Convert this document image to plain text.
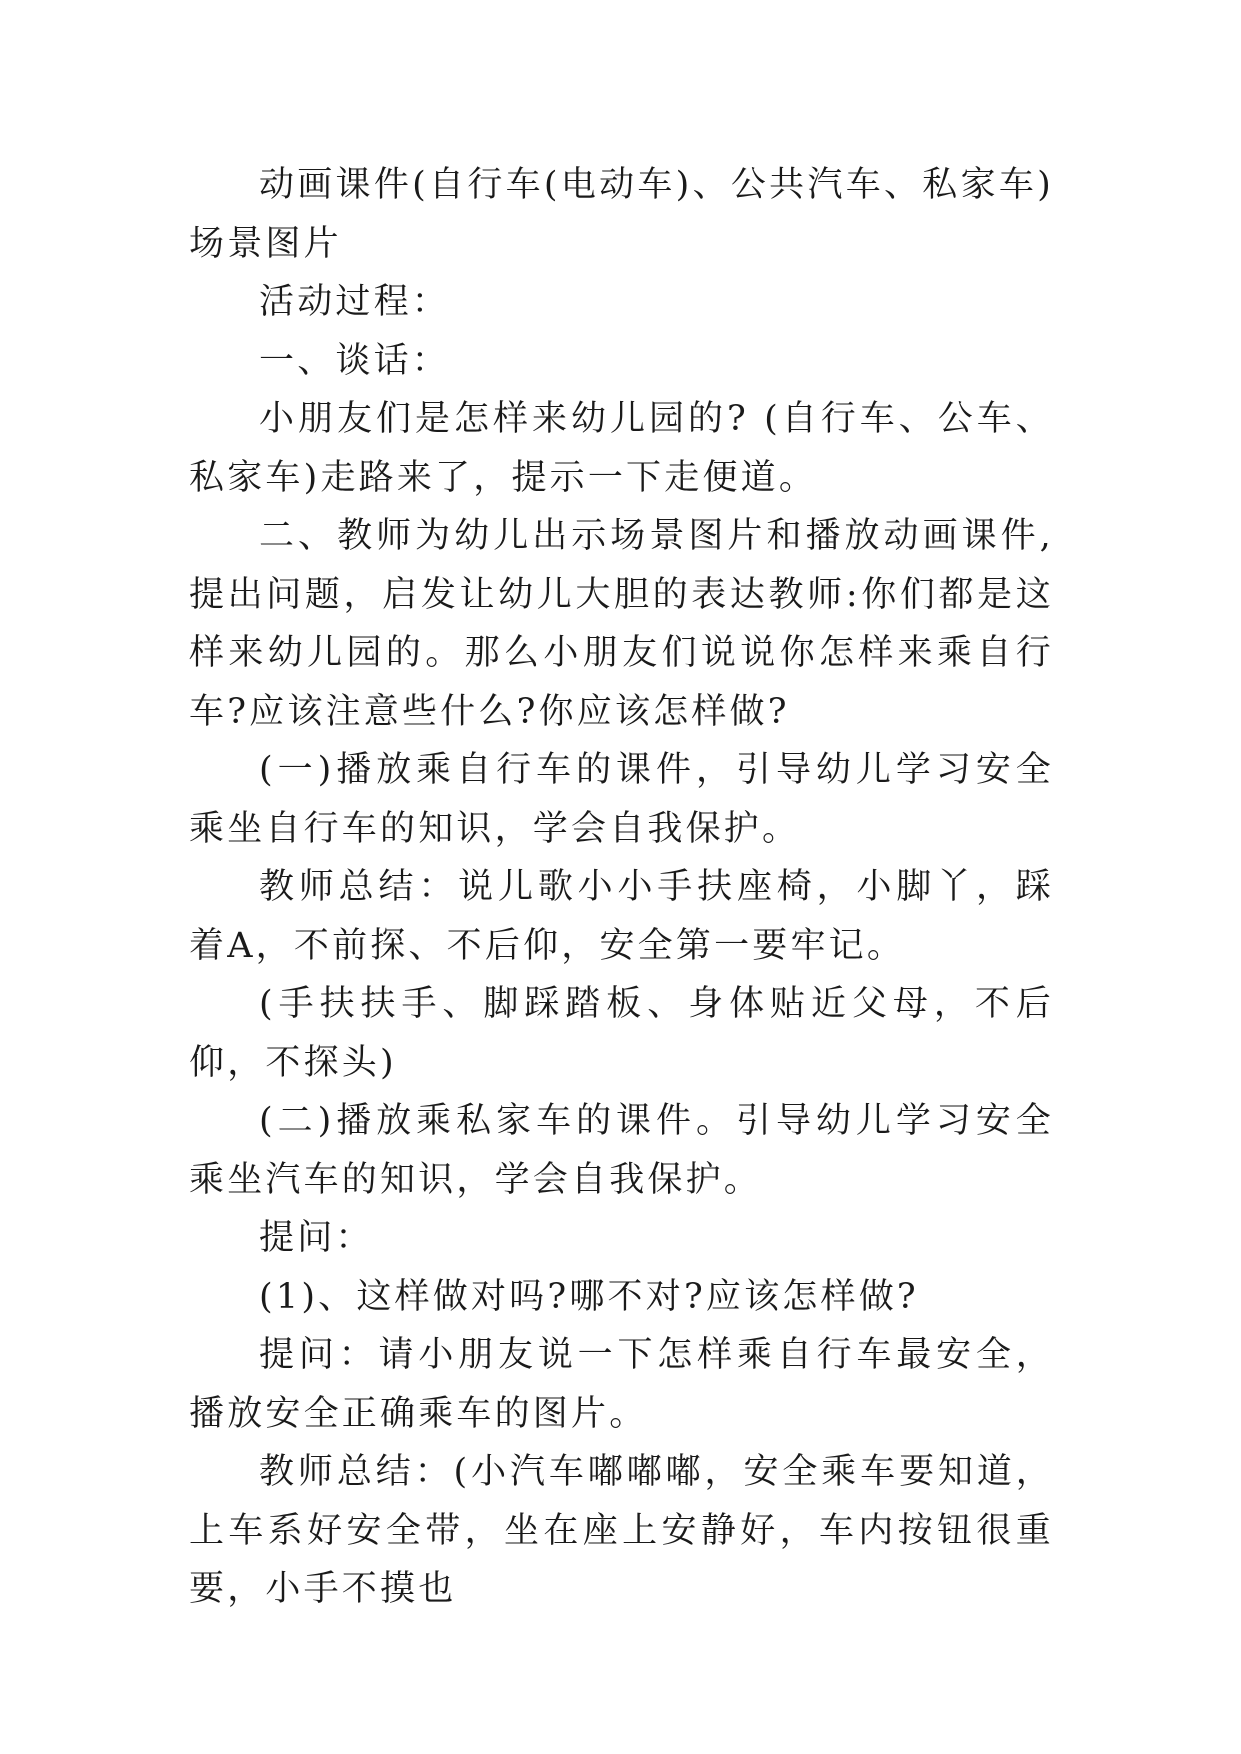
动画课件(自行车(电动车)、公共汽车、私家车)场景图片

活动过程：

一、谈话：

小朋友们是怎样来幼儿园的? (自行车、公车、私家车)走路来了，提示一下走便道。

二、教师为幼儿出示场景图片和播放动画课件,提出问题，启发让幼儿大胆的表达教师:你们都是这样来幼儿园的。那么小朋友们说说你怎样来乘自行车?应该注意些什么?你应该怎样做?

(一)播放乘自行车的课件，引导幼儿学习安全乘坐自行车的知识，学会自我保护。

教师总结：说儿歌小小手扶座椅，小脚丫，踩着A，不前探、不后仰，安全第一要牢记。

(手扶扶手、脚踩踏板、身体贴近父母，不后仰，不探头)

(二)播放乘私家车的课件。引导幼儿学习安全乘坐汽车的知识，学会自我保护。

提问：

(1)、这样做对吗?哪不对?应该怎样做?

提问：请小朋友说一下怎样乘自行车最安全，播放安全正确乘车的图片。

教师总结：(小汽车嘟嘟嘟，安全乘车要知道，上车系好安全带，坐在座上安静好，车内按钮很重要，小手不摸也
